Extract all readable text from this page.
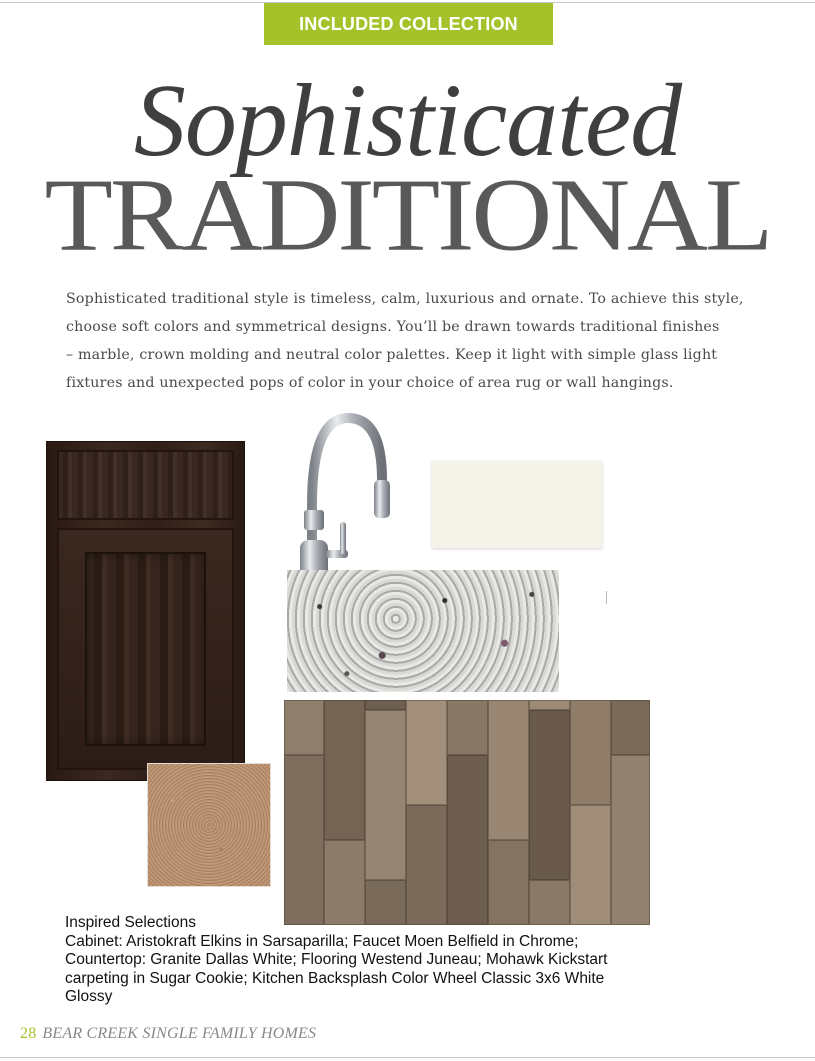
INCLUDED COLLECTION
Sophisticated
TRADITIONAL
Sophisticated traditional style is timeless, calm, luxurious and ornate. To achieve this style,
choose soft colors and symmetrical designs. You’ll be drawn towards traditional finishes
– marble, crown molding and neutral color palettes. Keep it light with simple glass light
fixtures and unexpected pops of color in your choice of area rug or wall hangings.
Inspired Selections
Cabinet: Aristokraft Elkins in Sarsaparilla; Faucet Moen Belfield in Chrome;
Countertop: Granite Dallas White; Flooring Westend Juneau; Mohawk Kickstart
carpeting in Sugar Cookie; Kitchen Backsplash Color Wheel Classic 3x6 White
Glossy
28 BEAR CREEK SINGLE FAMILY HOMES
